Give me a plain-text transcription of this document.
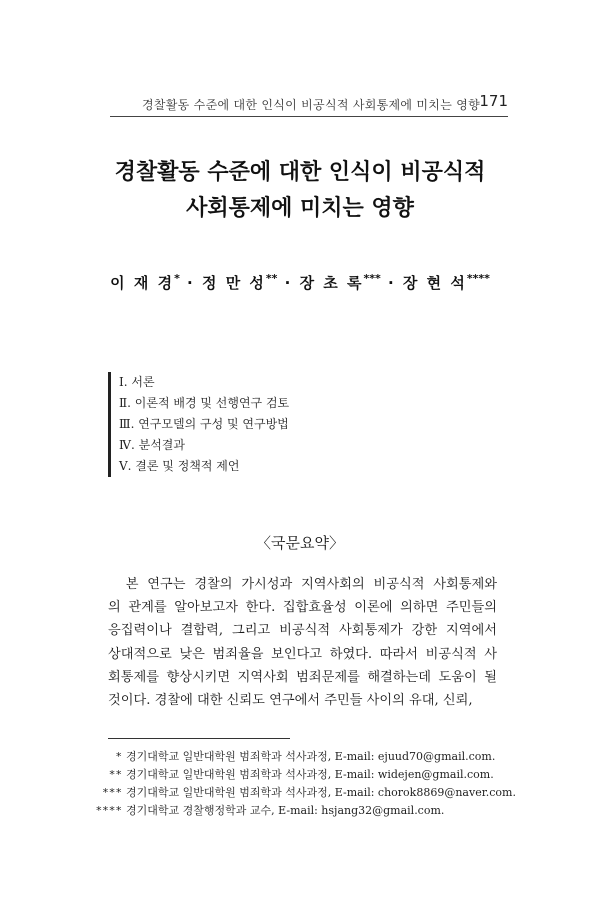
경찰활동 수준에 대한 인식이 비공식적 사회통제에 미치는 영향 171
경찰활동 수준에 대한 인식이 비공식적
사회통제에 미치는 영향
이 재 경* · 정 만 성** · 장 초 록*** · 장 현 석****
Ⅰ. 서론
Ⅱ. 이론적 배경 및 선행연구 검토
Ⅲ. 연구모델의 구성 및 연구방법
Ⅳ. 분석결과
Ⅴ. 결론 및 정책적 제언
〈국문요약〉
　본 연구는 경찰의 가시성과 지역사회의 비공식적 사회통제와
의 관계를 알아보고자 한다. 집합효율성 이론에 의하면 주민들의
응집력이나 결합력, 그리고 비공식적 사회통제가 강한 지역에서
상대적으로 낮은 범죄율을 보인다고 하였다. 따라서 비공식적 사
회통제를 향상시키면 지역사회 범죄문제를 해결하는데 도움이 될
것이다. 경찰에 대한 신뢰도 연구에서 주민들 사이의 유대, 신뢰,
* 경기대학교 일반대학원 범죄학과 석사과정, E-mail: ejuud70@gmail.com.
** 경기대학교 일반대학원 범죄학과 석사과정, E-mail: widejen@gmail.com.
*** 경기대학교 일반대학원 범죄학과 석사과정, E-mail: chorok8869@naver.com.
**** 경기대학교 경찰행정학과 교수, E-mail: hsjang32@gmail.com.
